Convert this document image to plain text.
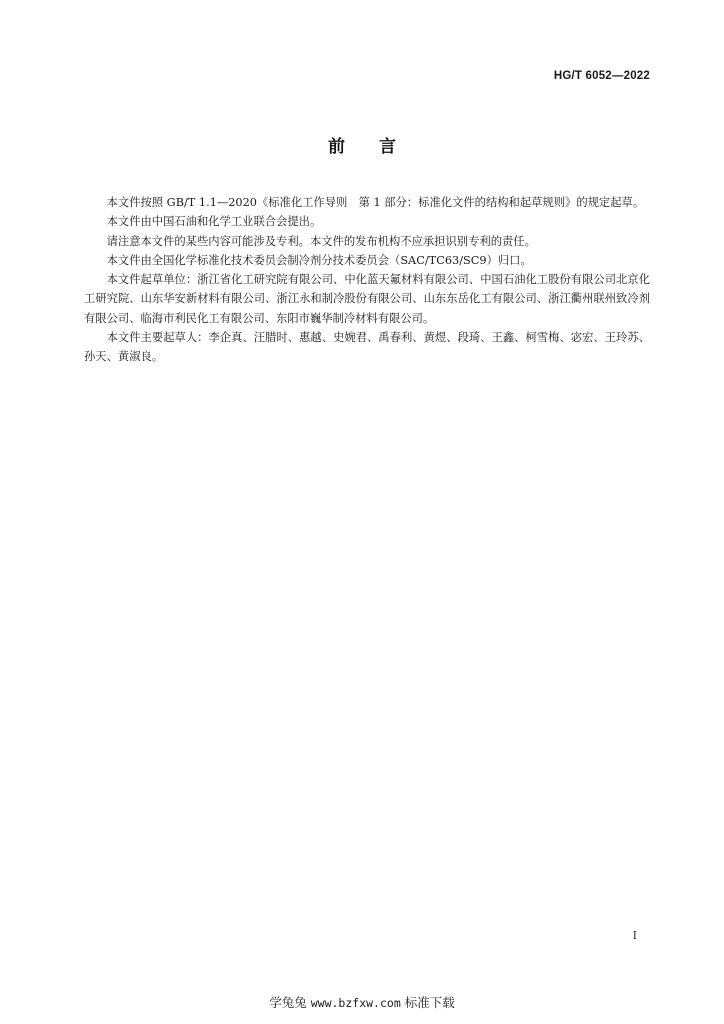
HG/T 6052—2022
前言

本文件按照 GB/T 1.1—2020《标准化工作导则　第 1 部分：标准化文件的结构和起草规则》的规定起草。

本文件由中国石油和化学工业联合会提出。

请注意本文件的某些内容可能涉及专利。本文件的发布机构不应承担识别专利的责任。

本文件由全国化学标准化技术委员会制冷剂分技术委员会（SAC/TC63/SC9）归口。

本文件起草单位：浙江省化工研究院有限公司、中化蓝天氟材料有限公司、中国石油化工股份有限公司北京化工研究院、山东华安新材料有限公司、浙江永和制冷股份有限公司、山东东岳化工有限公司、浙江衢州联州致冷剂有限公司、临海市利民化工有限公司、东阳市巍华制冷材料有限公司。

本文件主要起草人：李企真、汪腊时、惠越、史婉君、禹春利、黄煜、段琦、王鑫、柯雪梅、宓宏、王玲苏、孙天、黄淑良。

I
学兔兔 www.bzfxw.com 标准下载
